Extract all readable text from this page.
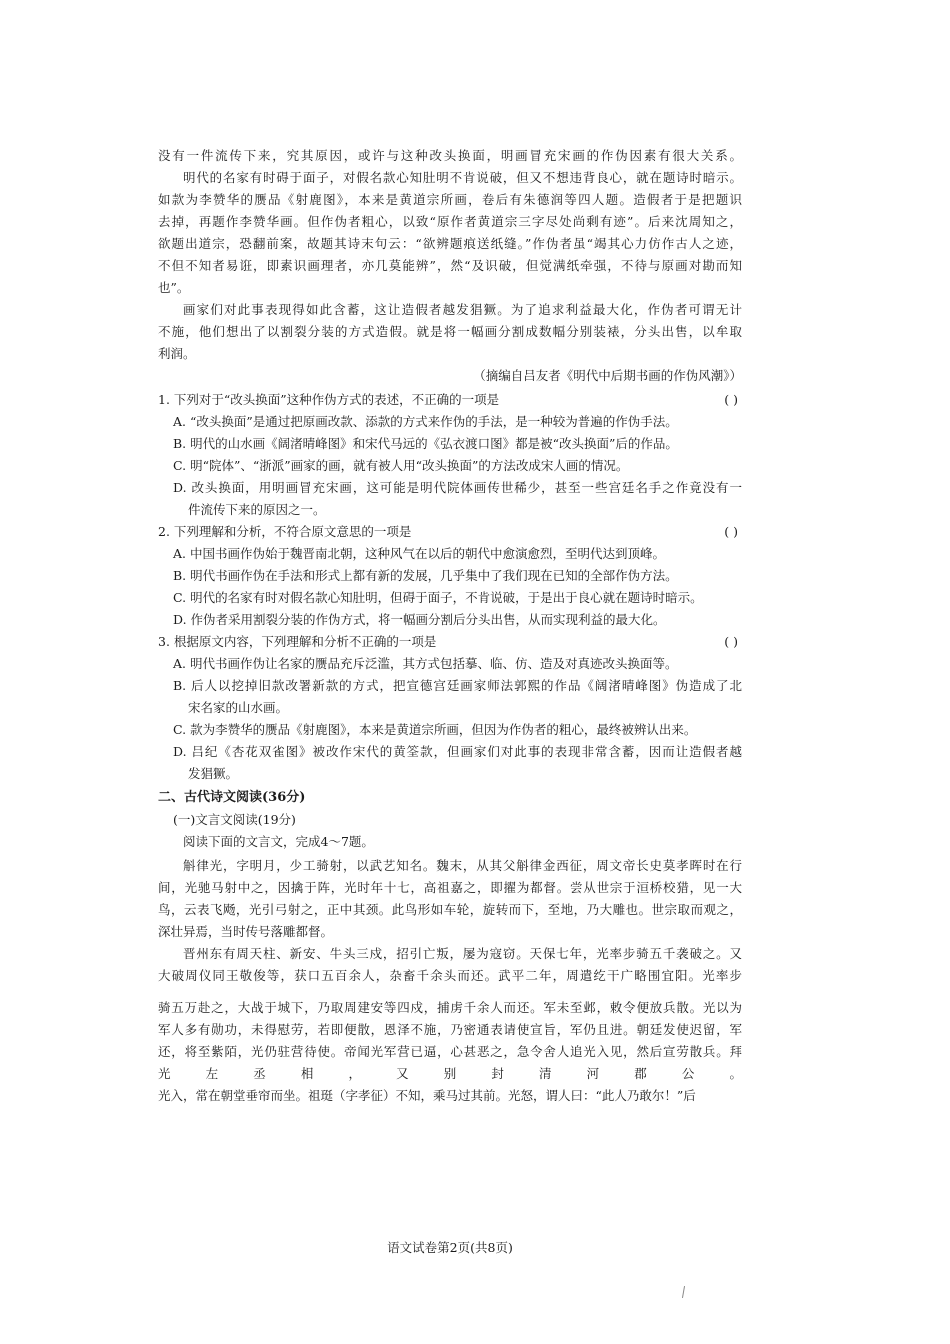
没有一件流传下来，究其原因，或许与这种改头换面，明画冒充宋画的作伪因素有很大关系。
明代的名家有时碍于面子，对假名款心知肚明不肯说破，但又不想违背良心，就在题诗时暗示。
如款为李赞华的赝品《射鹿图》，本来是黄道宗所画，卷后有朱德润等四人题。造假者于是把题识
去掉，再题作李赞华画。但作伪者粗心，以致“原作者黄道宗三字尽处尚剩有迹”。后来沈周知之，
欲题出道宗，恐翻前案，故题其诗末句云：“欲辨题痕送纸缝。”作伪者虽“竭其心力仿作古人之迹，
不但不知者易诳，即素识画理者，亦几莫能辨”，然“及识破，但觉满纸牵强，不待与原画对勘而知
也”。
画家们对此事表现得如此含蓄，这让造假者越发猖獗。为了追求利益最大化，作伪者可谓无计
不施，他们想出了以割裂分装的方式造假。就是将一幅画分割成数幅分别装裱，分头出售，以牟取
利润。
（摘编自吕友者《明代中后期书画的作伪风潮》）
1. 下列对于“改头换面”这种作伪方式的表述，不正确的一项是	( )
A. “改头换面”是通过把原画改款、添款的方式来作伪的手法，是一种较为普遍的作伪手法。
B. 明代的山水画《阔渚晴峰图》和宋代马远的《弘衣渡口图》都是被“改头换面”后的作品。
C. 明“院体”、“浙派”画家的画，就有被人用“改头换面”的方法改成宋人画的情况。
D. 改头换面，用明画冒充宋画，这可能是明代院体画传世稀少，甚至一些宫廷名手之作竟没有一
件流传下来的原因之一。
2. 下列理解和分析，不符合原文意思的一项是	( )
A. 中国书画作伪始于魏晋南北朝，这种风气在以后的朝代中愈演愈烈，至明代达到顶峰。
B. 明代书画作伪在手法和形式上都有新的发展，几乎集中了我们现在已知的全部作伪方法。
C. 明代的名家有时对假名款心知肚明，但碍于面子，不肯说破，于是出于良心就在题诗时暗示。
D. 作伪者采用割裂分装的作伪方式，将一幅画分割后分头出售，从而实现利益的最大化。
3. 根据原文内容，下列理解和分析不正确的一项是	( )
A. 明代书画作伪让名家的赝品充斥泛滥，其方式包括摹、临、仿、造及对真迹改头换面等。
B. 后人以挖掉旧款改署新款的方式，把宣德宫廷画家师法郭熙的作品《阔渚晴峰图》伪造成了北
宋名家的山水画。
C. 款为李赞华的赝品《射鹿图》，本来是黄道宗所画，但因为作伪者的粗心，最终被辨认出来。
D. 吕纪《杏花双雀图》被改作宋代的黄筌款，但画家们对此事的表现非常含蓄，因而让造假者越
发猖獗。
二、古代诗文阅读(36分)
(一)文言文阅读(19分)
阅读下面的文言文，完成4～7题。
斛律光，字明月，少工骑射，以武艺知名。魏末，从其父斛律金西征，周文帝长史莫孝晖时在行
间，光驰马射中之，因擒于阵，光时年十七，高祖嘉之，即擢为都督。尝从世宗于洹桥校猎，见一大
鸟，云表飞飏，光引弓射之，正中其颈。此鸟形如车轮，旋转而下，至地，乃大雕也。世宗取而观之，
深壮异焉，当时传号落雕都督。
晋州东有周天柱、新安、牛头三戍，招引亡叛，屡为寇窃。天保七年，光率步骑五千袭破之。又
大破周仪同王敬俊等，获口五百余人，杂畜千余头而还。武平二年，周遣纥干广略围宜阳。光率步
骑五万赴之，大战于城下，乃取周建安等四戍，捕虏千余人而还。军未至邺，敕令便放兵散。光以为
军人多有勋功，未得慰劳，若即便散，恩泽不施，乃密通表请使宣旨，军仍且进。朝廷发使迟留，军
还，将至紫陌，光仍驻营待使。帝闻光军营已逼，心甚恶之，急令舍人追光入见，然后宣劳散兵。拜
光左丞相，又别封清河郡公。
光入，常在朝堂垂帘而坐。祖珽（字孝征）不知，乘马过其前。光怒，谓人曰：“此人乃敢尔！”后
语文试卷第2页(共8页)
